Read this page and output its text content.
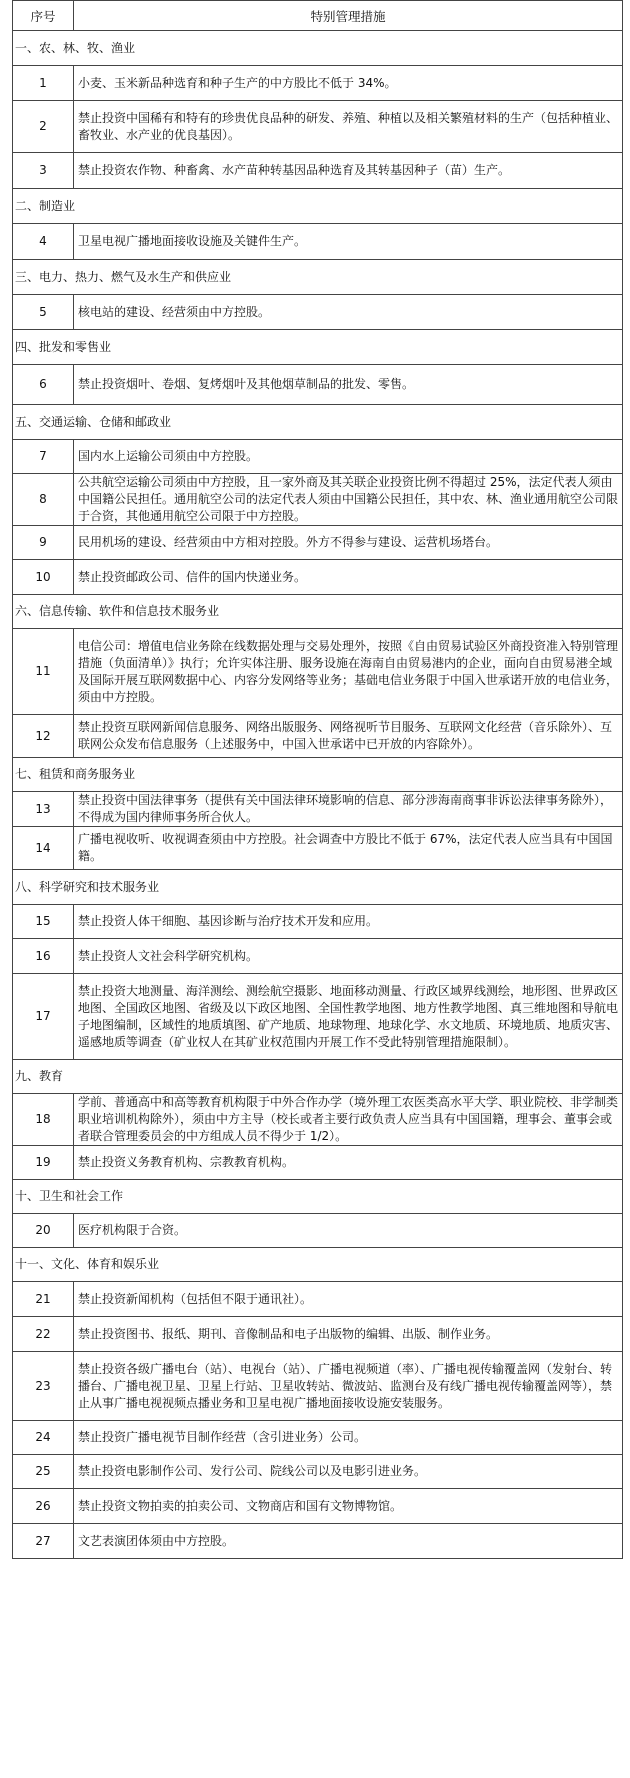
序号	特别管理措施
一、农、林、牧、渔业	
1	小麦、玉米新品种选育和种子生产的中方股比不低于 34%。
2	禁止投资中国稀有和特有的珍贵优良品种的研发、养殖、种植以及相关繁殖材料的生产（包括种植业、畜牧业、水产业的优良基因）。
3	禁止投资农作物、种畜禽、水产苗种转基因品种选育及其转基因种子（苗）生产。
二、制造业	
4	卫星电视广播地面接收设施及关键件生产。
三、电力、热力、燃气及水生产和供应业	
5	核电站的建设、经营须由中方控股。
四、批发和零售业	
6	禁止投资烟叶、卷烟、复烤烟叶及其他烟草制品的批发、零售。
五、交通运输、仓储和邮政业	
7	国内水上运输公司须由中方控股。
8	公共航空运输公司须由中方控股，且一家外商及其关联企业投资比例不得超过 25%，法定代表人须由中国籍公民担任。通用航空公司的法定代表人须由中国籍公民担任，其中农、林、渔业通用航空公司限于合资，其他通用航空公司限于中方控股。
9	民用机场的建设、经营须由中方相对控股。外方不得参与建设、运营机场塔台。
10	禁止投资邮政公司、信件的国内快递业务。
六、信息传输、软件和信息技术服务业	
11	电信公司：增值电信业务除在线数据处理与交易处理外，按照《自由贸易试验区外商投资准入特别管理措施（负面清单）》执行；允许实体注册、服务设施在海南自由贸易港内的企业，面向自由贸易港全域及国际开展互联网数据中心、内容分发网络等业务；基础电信业务限于中国入世承诺开放的电信业务，须由中方控股。
12	禁止投资互联网新闻信息服务、网络出版服务、网络视听节目服务、互联网文化经营（音乐除外）、互联网公众发布信息服务（上述服务中，中国入世承诺中已开放的内容除外）。
七、租赁和商务服务业	
13	禁止投资中国法律事务（提供有关中国法律环境影响的信息、部分涉海南商事非诉讼法律事务除外），不得成为国内律师事务所合伙人。
14	广播电视收听、收视调查须由中方控股。社会调查中方股比不低于 67%，法定代表人应当具有中国国籍。
八、科学研究和技术服务业	
15	禁止投资人体干细胞、基因诊断与治疗技术开发和应用。
16	禁止投资人文社会科学研究机构。
17	禁止投资大地测量、海洋测绘、测绘航空摄影、地面移动测量、行政区域界线测绘，地形图、世界政区地图、全国政区地图、省级及以下政区地图、全国性教学地图、地方性教学地图、真三维地图和导航电子地图编制，区域性的地质填图、矿产地质、地球物理、地球化学、水文地质、环境地质、地质灾害、遥感地质等调查（矿业权人在其矿业权范围内开展工作不受此特别管理措施限制）。
九、教育	
18	学前、普通高中和高等教育机构限于中外合作办学（境外理工农医类高水平大学、职业院校、非学制类职业培训机构除外），须由中方主导（校长或者主要行政负责人应当具有中国国籍，理事会、董事会或者联合管理委员会的中方组成人员不得少于 1/2）。
19	禁止投资义务教育机构、宗教教育机构。
十、卫生和社会工作	
20	医疗机构限于合资。
十一、文化、体育和娱乐业	
21	禁止投资新闻机构（包括但不限于通讯社）。
22	禁止投资图书、报纸、期刊、音像制品和电子出版物的编辑、出版、制作业务。
23	禁止投资各级广播电台（站）、电视台（站）、广播电视频道（率）、广播电视传输覆盖网（发射台、转播台、广播电视卫星、卫星上行站、卫星收转站、微波站、监测台及有线广播电视传输覆盖网等），禁止从事广播电视视频点播业务和卫星电视广播地面接收设施安装服务。
24	禁止投资广播电视节目制作经营（含引进业务）公司。
25	禁止投资电影制作公司、发行公司、院线公司以及电影引进业务。
26	禁止投资文物拍卖的拍卖公司、文物商店和国有文物博物馆。
27	文艺表演团体须由中方控股。
